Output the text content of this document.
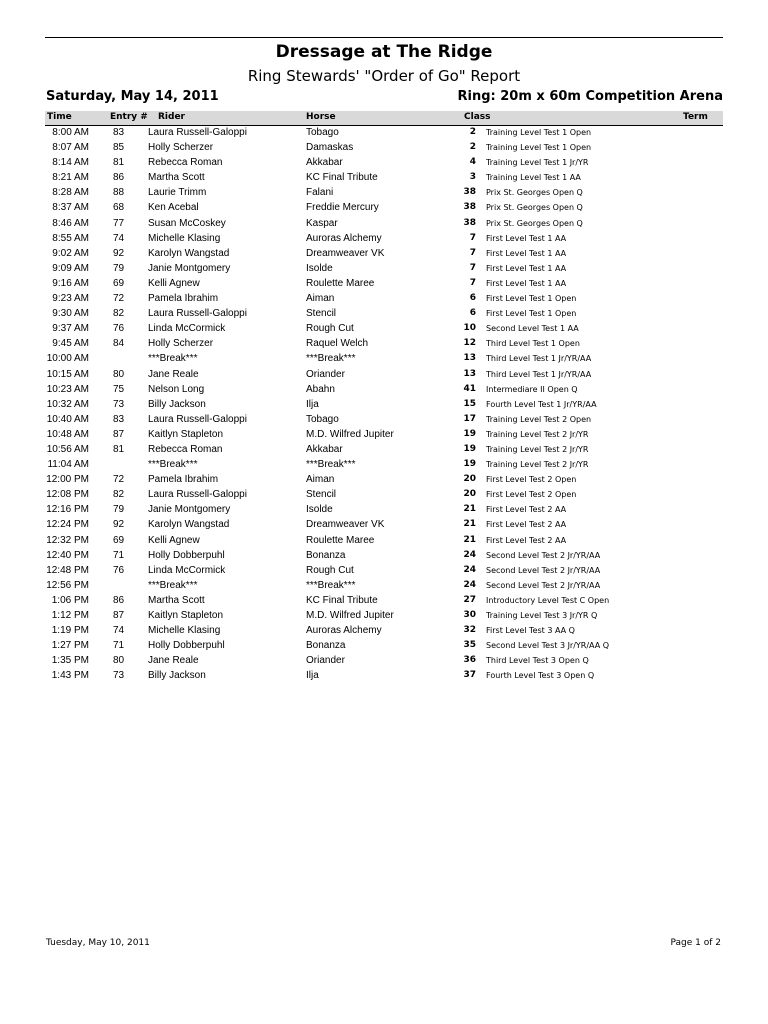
Dressage at The Ridge
Ring Stewards' "Order of Go" Report
Saturday, May 14, 2011	Ring: 20m x 60m Competition Arena
Time	Entry # Rider	Horse	Class	Term
8:00 AM 83 Laura Russell-Galoppi	Tobago	2 Training Level Test 1 Open
8:07 AM 85 Holly Scherzer	Damaskas	2 Training Level Test 1 Open
8:14 AM 81 Rebecca Roman	Akkabar	4 Training Level Test 1 Jr/YR
8:21 AM 86 Martha Scott	KC Final Tribute	3 Training Level Test 1 AA
8:28 AM 88 Laurie Trimm	Falani	38 Prix St. Georges Open Q
8:37 AM 68 Ken Acebal	Freddie Mercury	38 Prix St. Georges Open Q
8:46 AM 77 Susan McCoskey	Kaspar	38 Prix St. Georges Open Q
8:55 AM 74 Michelle Klasing	Auroras Alchemy	7 First Level Test 1 AA
9:02 AM 92 Karolyn Wangstad	Dreamweaver VK	7 First Level Test 1 AA
9:09 AM 79 Janie Montgomery	Isolde	7 First Level Test 1 AA
9:16 AM 69 Kelli Agnew	Roulette Maree	7 First Level Test 1 AA
9:23 AM 72 Pamela Ibrahim	Aiman	6 First Level Test 1 Open
9:30 AM 82 Laura Russell-Galoppi	Stencil	6 First Level Test 1 Open
9:37 AM 76 Linda McCormick	Rough Cut	10 Second Level Test 1 AA
9:45 AM 84 Holly Scherzer	Raquel Welch	12 Third Level Test 1 Open
10:00 AM	***Break***	***Break***	13 Third Level Test 1 Jr/YR/AA
10:15 AM 80 Jane Reale	Oriander	13 Third Level Test 1 Jr/YR/AA
10:23 AM 75 Nelson Long	Abahn	41 Intermediare II Open Q
10:32 AM 73 Billy Jackson	Ilja	15 Fourth Level Test 1 Jr/YR/AA
10:40 AM 83 Laura Russell-Galoppi	Tobago	17 Training Level Test 2 Open
10:48 AM 87 Kaitlyn Stapleton	M.D. Wilfred Jupiter	19 Training Level Test 2 Jr/YR
10:56 AM 81 Rebecca Roman	Akkabar	19 Training Level Test 2 Jr/YR
11:04 AM	***Break***	***Break***	19 Training Level Test 2 Jr/YR
12:00 PM 72 Pamela Ibrahim	Aiman	20 First Level Test 2 Open
12:08 PM 82 Laura Russell-Galoppi	Stencil	20 First Level Test 2 Open
12:16 PM 79 Janie Montgomery	Isolde	21 First Level Test 2 AA
12:24 PM 92 Karolyn Wangstad	Dreamweaver VK	21 First Level Test 2 AA
12:32 PM 69 Kelli Agnew	Roulette Maree	21 First Level Test 2 AA
12:40 PM 71 Holly Dobberpuhl	Bonanza	24 Second Level Test 2 Jr/YR/AA
12:48 PM 76 Linda McCormick	Rough Cut	24 Second Level Test 2 Jr/YR/AA
12:56 PM	***Break***	***Break***	24 Second Level Test 2 Jr/YR/AA
1:06 PM 86 Martha Scott	KC Final Tribute	27 Introductory Level Test C Open
1:12 PM 87 Kaitlyn Stapleton	M.D. Wilfred Jupiter	30 Training Level Test 3 Jr/YR Q
1:19 PM 74 Michelle Klasing	Auroras Alchemy	32 First Level Test 3 AA Q
1:27 PM 71 Holly Dobberpuhl	Bonanza	35 Second Level Test 3 Jr/YR/AA Q
1:35 PM 80 Jane Reale	Oriander	36 Third Level Test 3 Open Q
1:43 PM 73 Billy Jackson	Ilja	37 Fourth Level Test 3 Open Q
Tuesday, May 10, 2011	Page 1 of 2
